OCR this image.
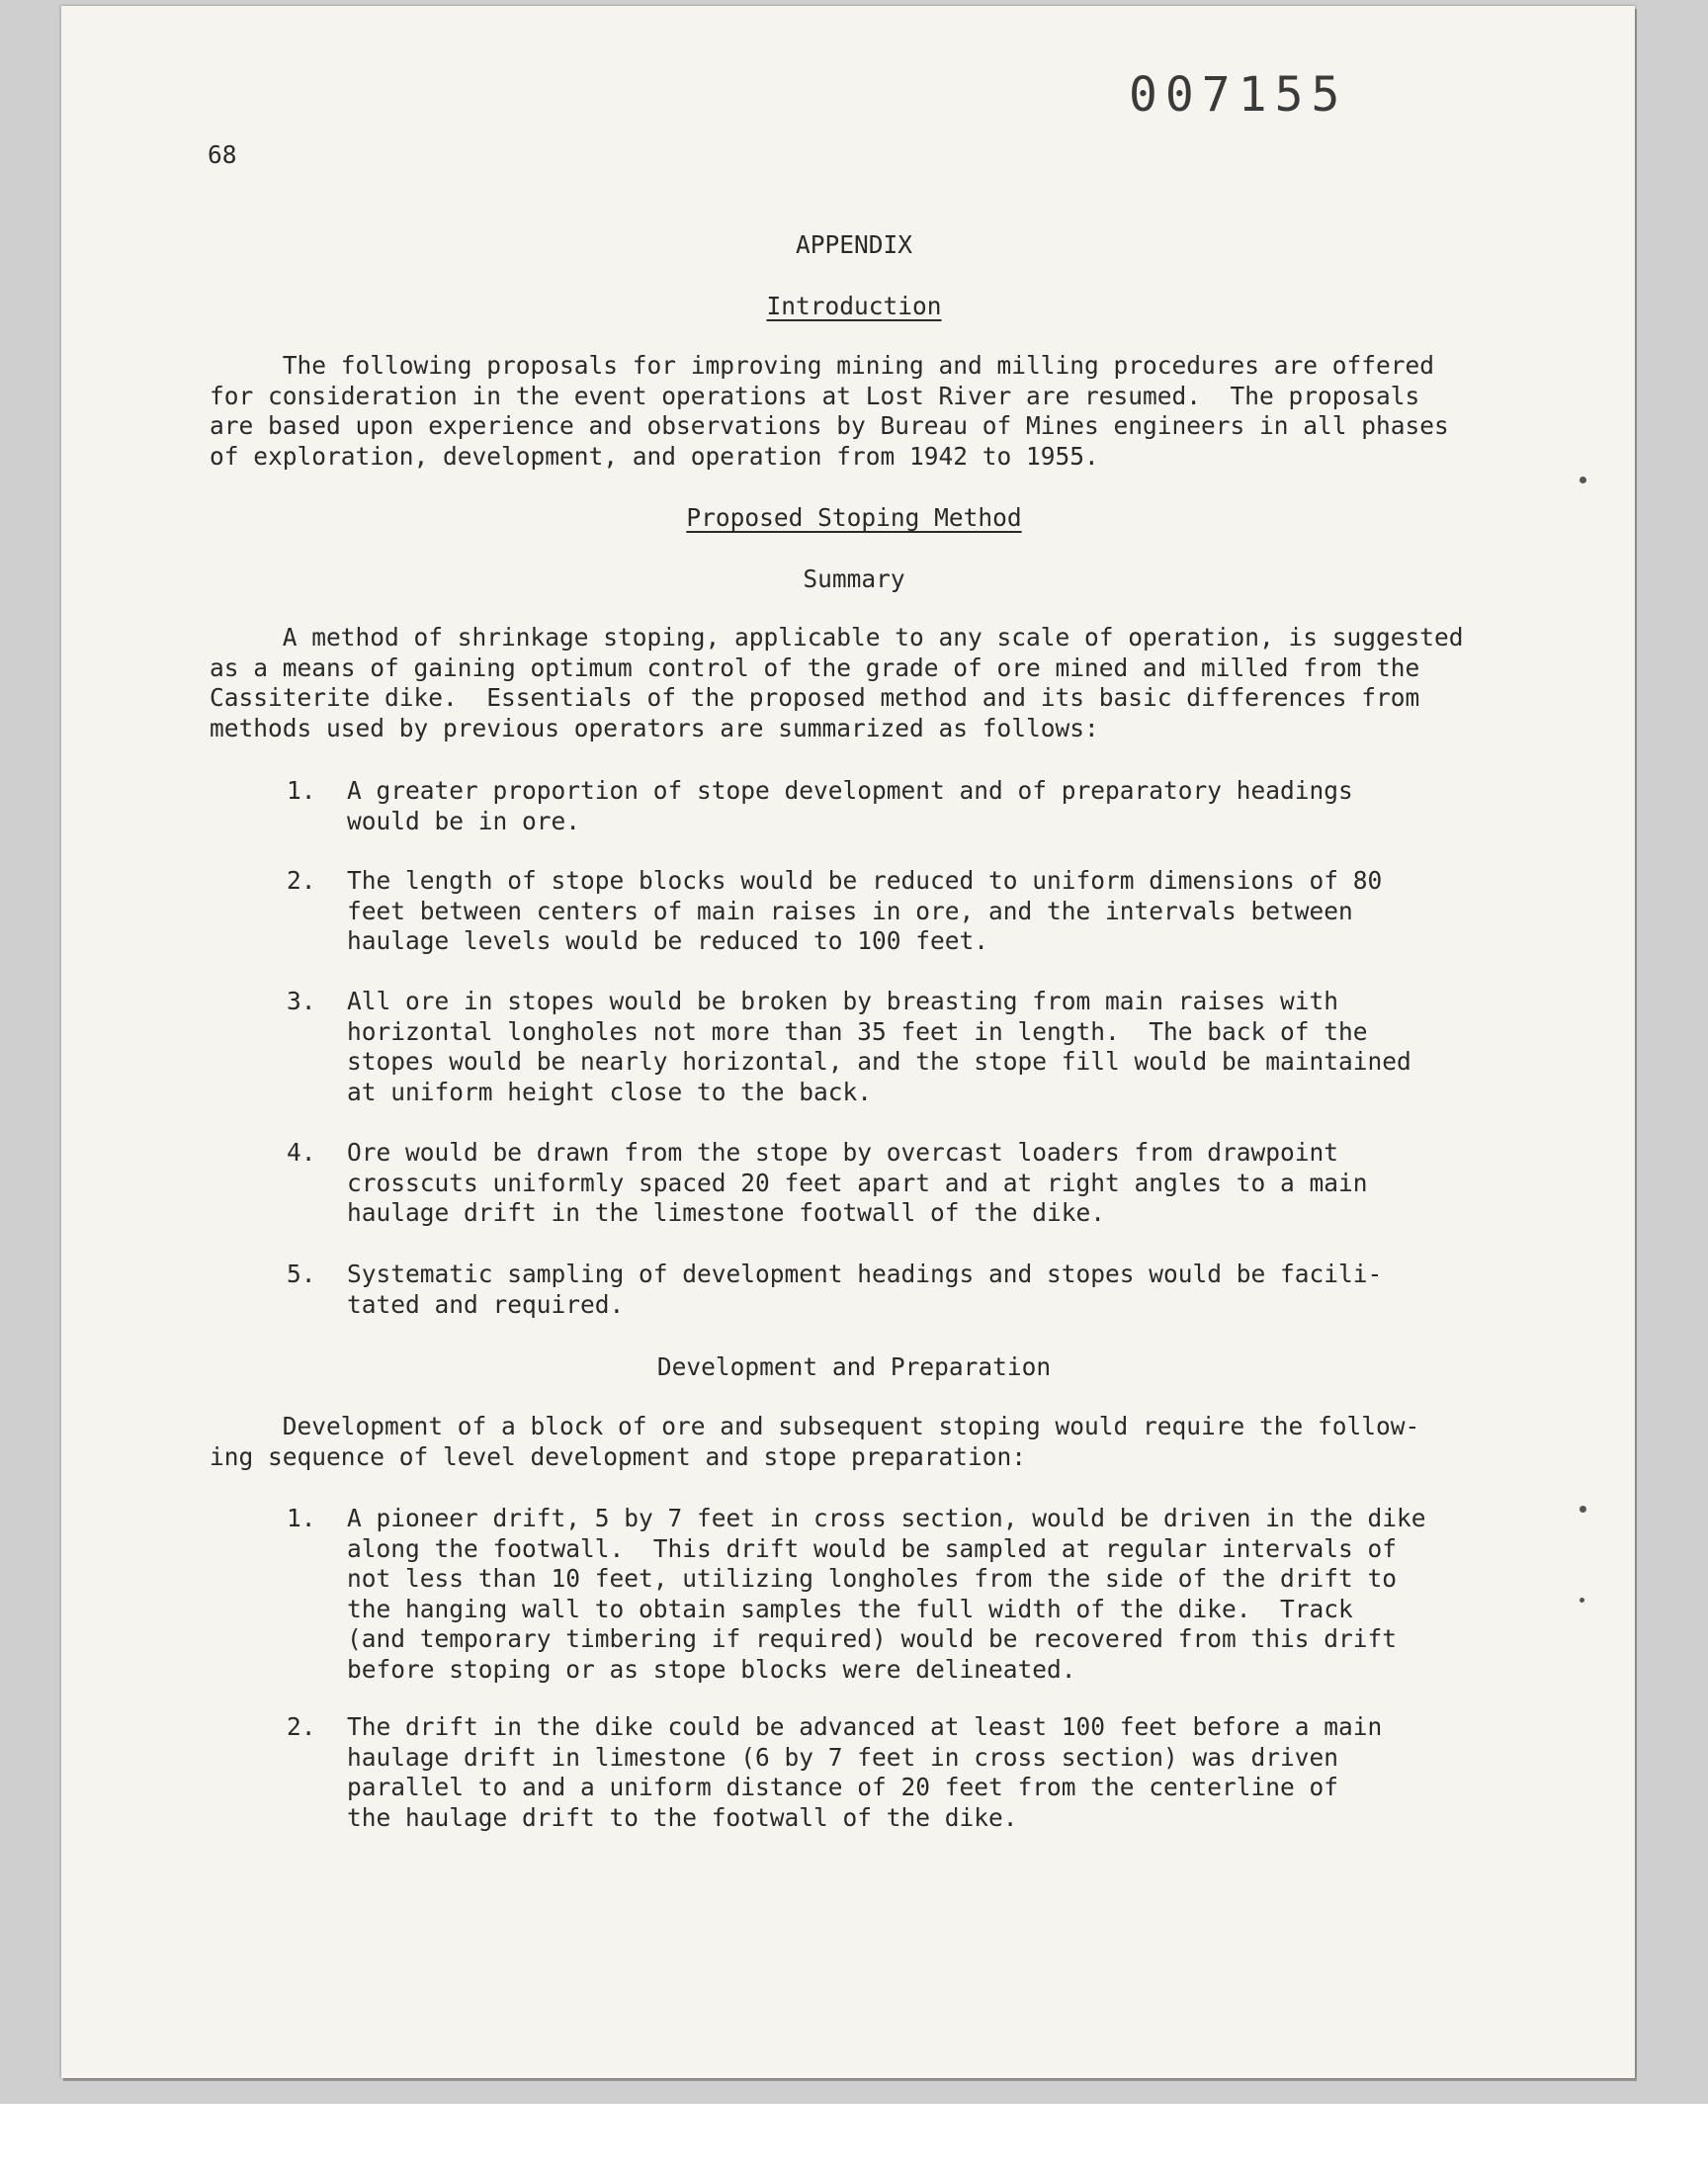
007155
68
APPENDIX
Introduction
The following proposals for improving mining and milling procedures are offered
for consideration in the event operations at Lost River are resumed.  The proposals
are based upon experience and observations by Bureau of Mines engineers in all phases
of exploration, development, and operation from 1942 to 1955.
Proposed Stoping Method
Summary
A method of shrinkage stoping, applicable to any scale of operation, is suggested
as a means of gaining optimum control of the grade of ore mined and milled from the
Cassiterite dike.  Essentials of the proposed method and its basic differences from
methods used by previous operators are summarized as follows:
1. A greater proportion of stope development and of preparatory headings
would be in ore.
2. The length of stope blocks would be reduced to uniform dimensions of 80
feet between centers of main raises in ore, and the intervals between
haulage levels would be reduced to 100 feet.
3. All ore in stopes would be broken by breasting from main raises with
horizontal longholes not more than 35 feet in length.  The back of the
stopes would be nearly horizontal, and the stope fill would be maintained
at uniform height close to the back.
4. Ore would be drawn from the stope by overcast loaders from drawpoint
crosscuts uniformly spaced 20 feet apart and at right angles to a main
haulage drift in the limestone footwall of the dike.
5. Systematic sampling of development headings and stopes would be facili-
tated and required.
Development and Preparation
Development of a block of ore and subsequent stoping would require the follow-
ing sequence of level development and stope preparation:
1. A pioneer drift, 5 by 7 feet in cross section, would be driven in the dike
along the footwall.  This drift would be sampled at regular intervals of
not less than 10 feet, utilizing longholes from the side of the drift to
the hanging wall to obtain samples the full width of the dike.  Track
(and temporary timbering if required) would be recovered from this drift
before stoping or as stope blocks were delineated.
2. The drift in the dike could be advanced at least 100 feet before a main
haulage drift in limestone (6 by 7 feet in cross section) was driven
parallel to and a uniform distance of 20 feet from the centerline of
the haulage drift to the footwall of the dike.
